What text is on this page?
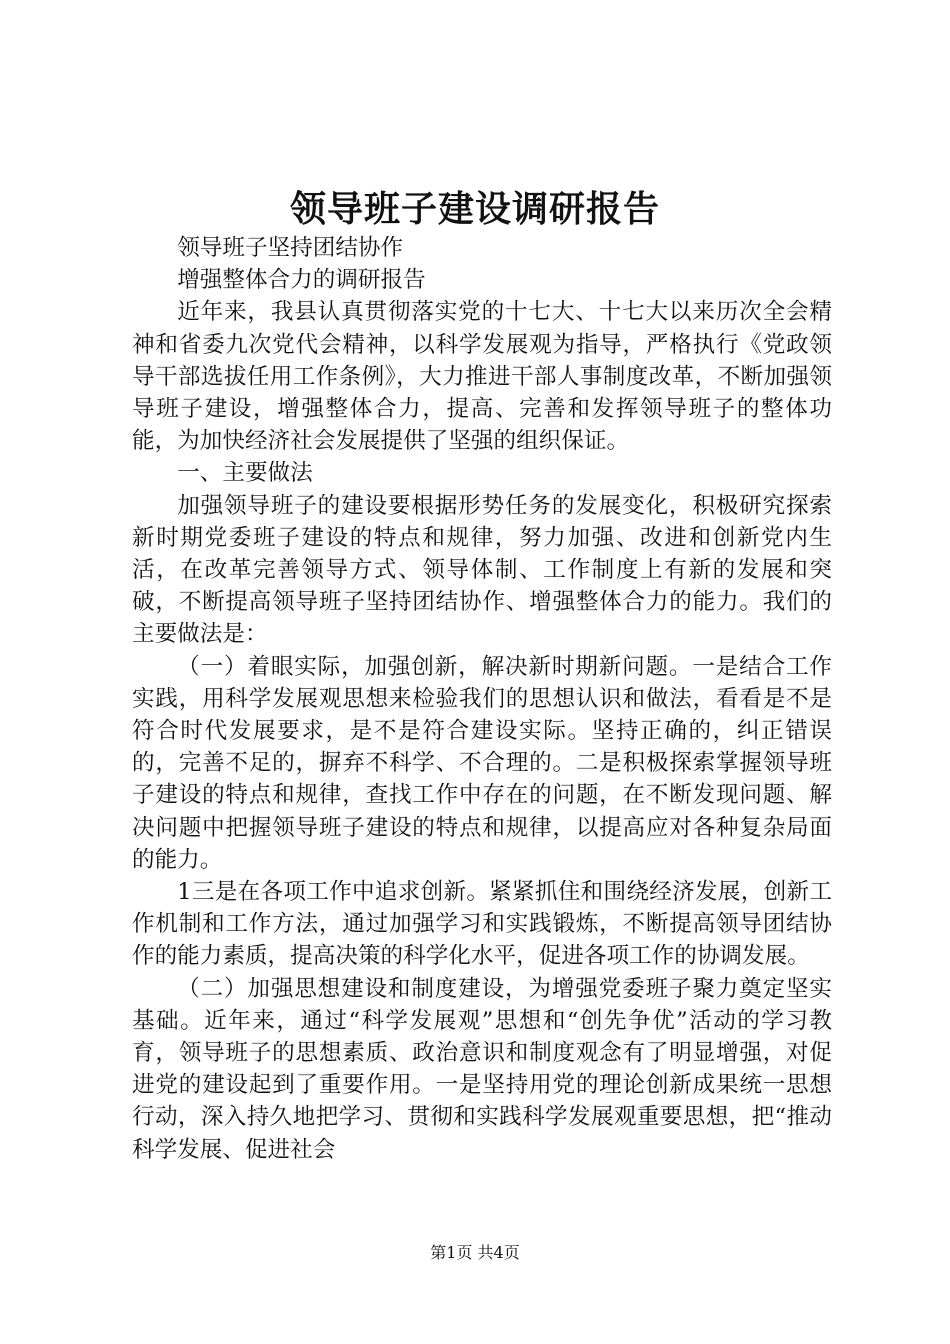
领导班子建设调研报告

领导班子坚持团结协作

增强整体合力的调研报告

近年来，我县认真贯彻落实党的十七大、十七大以来历次全会精神和省委九次党代会精神，以科学发展观为指导，严格执行《党政领导干部选拔任用工作条例》，大力推进干部人事制度改革，不断加强领导班子建设，增强整体合力，提高、完善和发挥领导班子的整体功能，为加快经济社会发展提供了坚强的组织保证。

一、主要做法

加强领导班子的建设要根据形势任务的发展变化，积极研究探索新时期党委班子建设的特点和规律，努力加强、改进和创新党内生活，在改革完善领导方式、领导体制、工作制度上有新的发展和突破，不断提高领导班子坚持团结协作、增强整体合力的能力。我们的主要做法是：

（一）着眼实际，加强创新，解决新时期新问题。一是结合工作实践，用科学发展观思想来检验我们的思想认识和做法，看看是不是符合时代发展要求，是不是符合建设实际。坚持正确的，纠正错误的，完善不足的，摒弃不科学、不合理的。二是积极探索掌握领导班子建设的特点和规律，查找工作中存在的问题，在不断发现问题、解决问题中把握领导班子建设的特点和规律，以提高应对各种复杂局面的能力。

1三是在各项工作中追求创新。紧紧抓住和围绕经济发展，创新工作机制和工作方法，通过加强学习和实践锻炼，不断提高领导团结协作的能力素质，提高决策的科学化水平，促进各项工作的协调发展。

（二）加强思想建设和制度建设，为增强党委班子聚力奠定坚实基础。近年来，通过“科学发展观”思想和“创先争优”活动的学习教育，领导班子的思想素质、政治意识和制度观念有了明显增强，对促进党的建设起到了重要作用。一是坚持用党的理论创新成果统一思想行动，深入持久地把学习、贯彻和实践科学发展观重要思想，把“推动科学发展、促进社会

第1页 共4页
